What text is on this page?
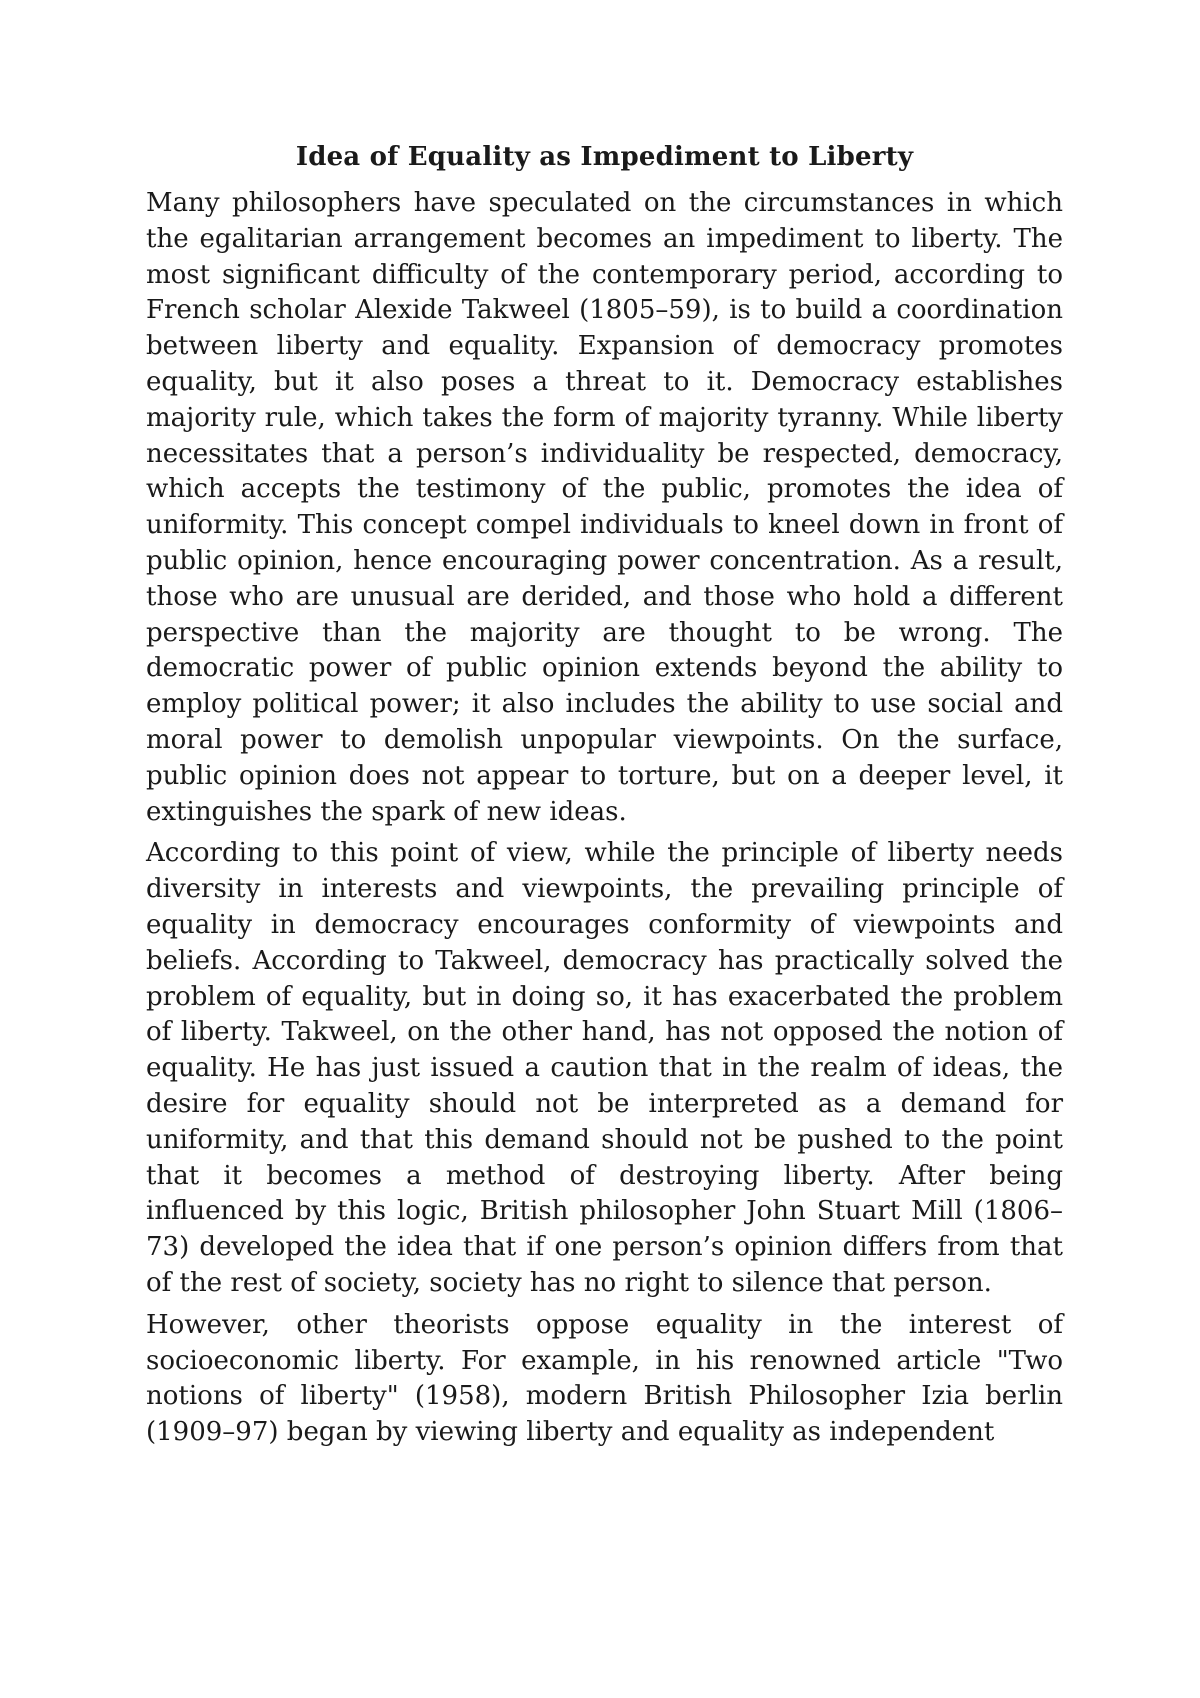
Idea of Equality as Impediment to Liberty

Many philosophers have speculated on the circumstances in which the egalitarian arrangement becomes an impediment to liberty. The most significant difficulty of the contemporary period, according to French scholar Alexide Takweel (1805–59), is to build a coordination between liberty and equality. Expansion of democracy promotes equality, but it also poses a threat to it. Democracy establishes majority rule, which takes the form of majority tyranny. While liberty necessitates that a person’s individuality be respected, democracy, which accepts the testimony of the public, promotes the idea of uniformity. This concept compel individuals to kneel down in front of public opinion, hence encouraging power concentration. As a result, those who are unusual are derided, and those who hold a different perspective than the majority are thought to be wrong. The democratic power of public opinion extends beyond the ability to employ political power; it also includes the ability to use social and moral power to demolish unpopular viewpoints. On the surface, public opinion does not appear to torture, but on a deeper level, it extinguishes the spark of new ideas.

According to this point of view, while the principle of liberty needs diversity in interests and viewpoints, the prevailing principle of equality in democracy encourages conformity of viewpoints and beliefs. According to Takweel, democracy has practically solved the problem of equality, but in doing so, it has exacerbated the problem of liberty. Takweel, on the other hand, has not opposed the notion of equality. He has just issued a caution that in the realm of ideas, the desire for equality should not be interpreted as a demand for uniformity, and that this demand should not be pushed to the point that it becomes a method of destroying liberty. After being influenced by this logic, British philosopher John Stuart Mill (1806–73) developed the idea that if one person’s opinion differs from that of the rest of society, society has no right to silence that person.

However, other theorists oppose equality in the interest of socioeconomic liberty. For example, in his renowned article "Two notions of liberty" (1958), modern British Philosopher Izia berlin (1909–97) began by viewing liberty and equality as independent
